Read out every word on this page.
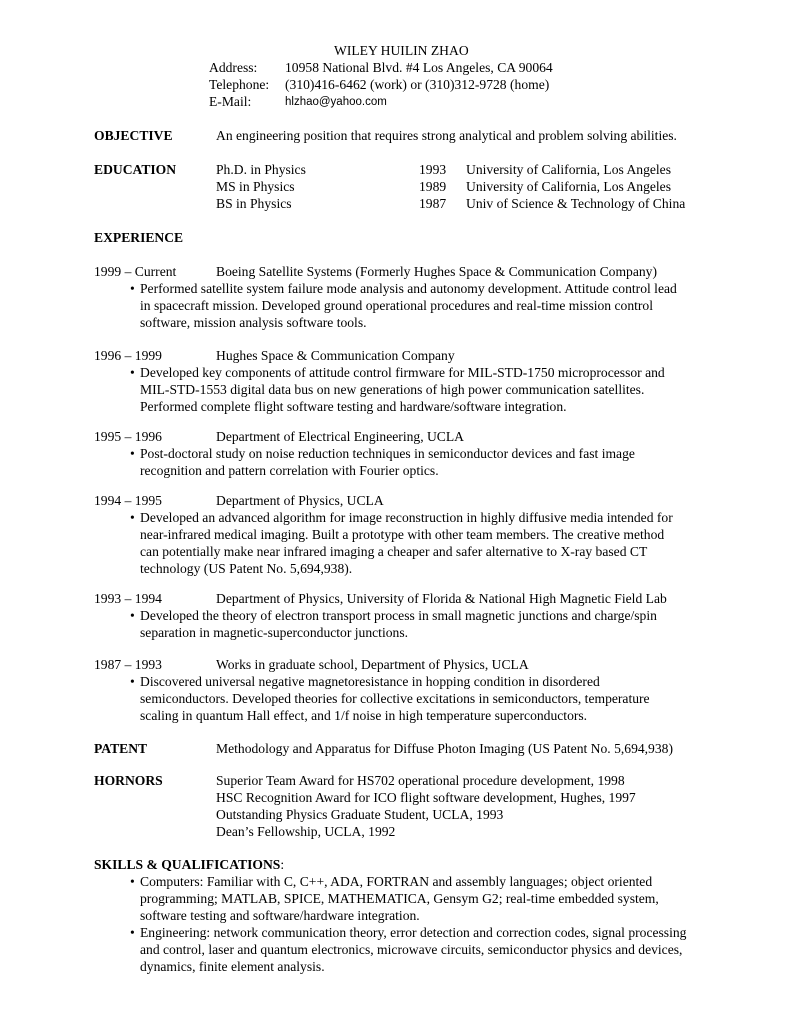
WILEY HUILIN ZHAO
Address: 10958 National Blvd. #4 Los Angeles, CA 90064
Telephone: (310)416-6462 (work) or (310)312-9728 (home)
E-Mail:	hlzhao@yahoo.com
OBJECTIVE	An engineering position that requires strong analytical and problem solving abilities.
EDUCATION	Ph.D. in Physics	1993 University of California, Los Angeles
MS in Physics	1989 University of California, Los Angeles
BS in Physics	1987 Univ of Science & Technology of China
EXPERIENCE
1999 – Current	Boeing Satellite Systems (Formerly Hughes Space & Communication Company)
• Performed satellite system failure mode analysis and autonomy development. Attitude control lead
in spacecraft mission. Developed ground operational procedures and real-time mission control
software, mission analysis software tools.
1996 – 1999	Hughes Space & Communication Company
• Developed key components of attitude control firmware for MIL-STD-1750 microprocessor and
MIL-STD-1553 digital data bus on new generations of high power communication satellites.
Performed complete flight software testing and hardware/software integration.
1995 – 1996	Department of Electrical Engineering, UCLA
• Post-doctoral study on noise reduction techniques in semiconductor devices and fast image
recognition and pattern correlation with Fourier optics.
1994 – 1995	Department of Physics, UCLA
• Developed an advanced algorithm for image reconstruction in highly diffusive media intended for
near-infrared medical imaging. Built a prototype with other team members. The creative method
can potentially make near infrared imaging a cheaper and safer alternative to X-ray based CT
technology (US Patent No. 5,694,938).
1993 – 1994	Department of Physics, University of Florida & National High Magnetic Field Lab
• Developed the theory of electron transport process in small magnetic junctions and charge/spin
separation in magnetic-superconductor junctions.
1987 – 1993	Works in graduate school, Department of Physics, UCLA
• Discovered universal negative magnetoresistance in hopping condition in disordered
semiconductors. Developed theories for collective excitations in semiconductors, temperature
scaling in quantum Hall effect, and 1/f noise in high temperature superconductors.
PATENT	Methodology and Apparatus for Diffuse Photon Imaging (US Patent No. 5,694,938)
HORNORS	Superior Team Award for HS702 operational procedure development, 1998
HSC Recognition Award for ICO flight software development, Hughes, 1997
Outstanding Physics Graduate Student, UCLA, 1993
Dean’s Fellowship, UCLA, 1992
SKILLS & QUALIFICATIONS:
• Computers: Familiar with C, C++, ADA, FORTRAN and assembly languages; object oriented
programming; MATLAB, SPICE, MATHEMATICA, Gensym G2; real-time embedded system,
software testing and software/hardware integration.
• Engineering: network communication theory, error detection and correction codes, signal processing
and control, laser and quantum electronics, microwave circuits, semiconductor physics and devices,
dynamics, finite element analysis.
